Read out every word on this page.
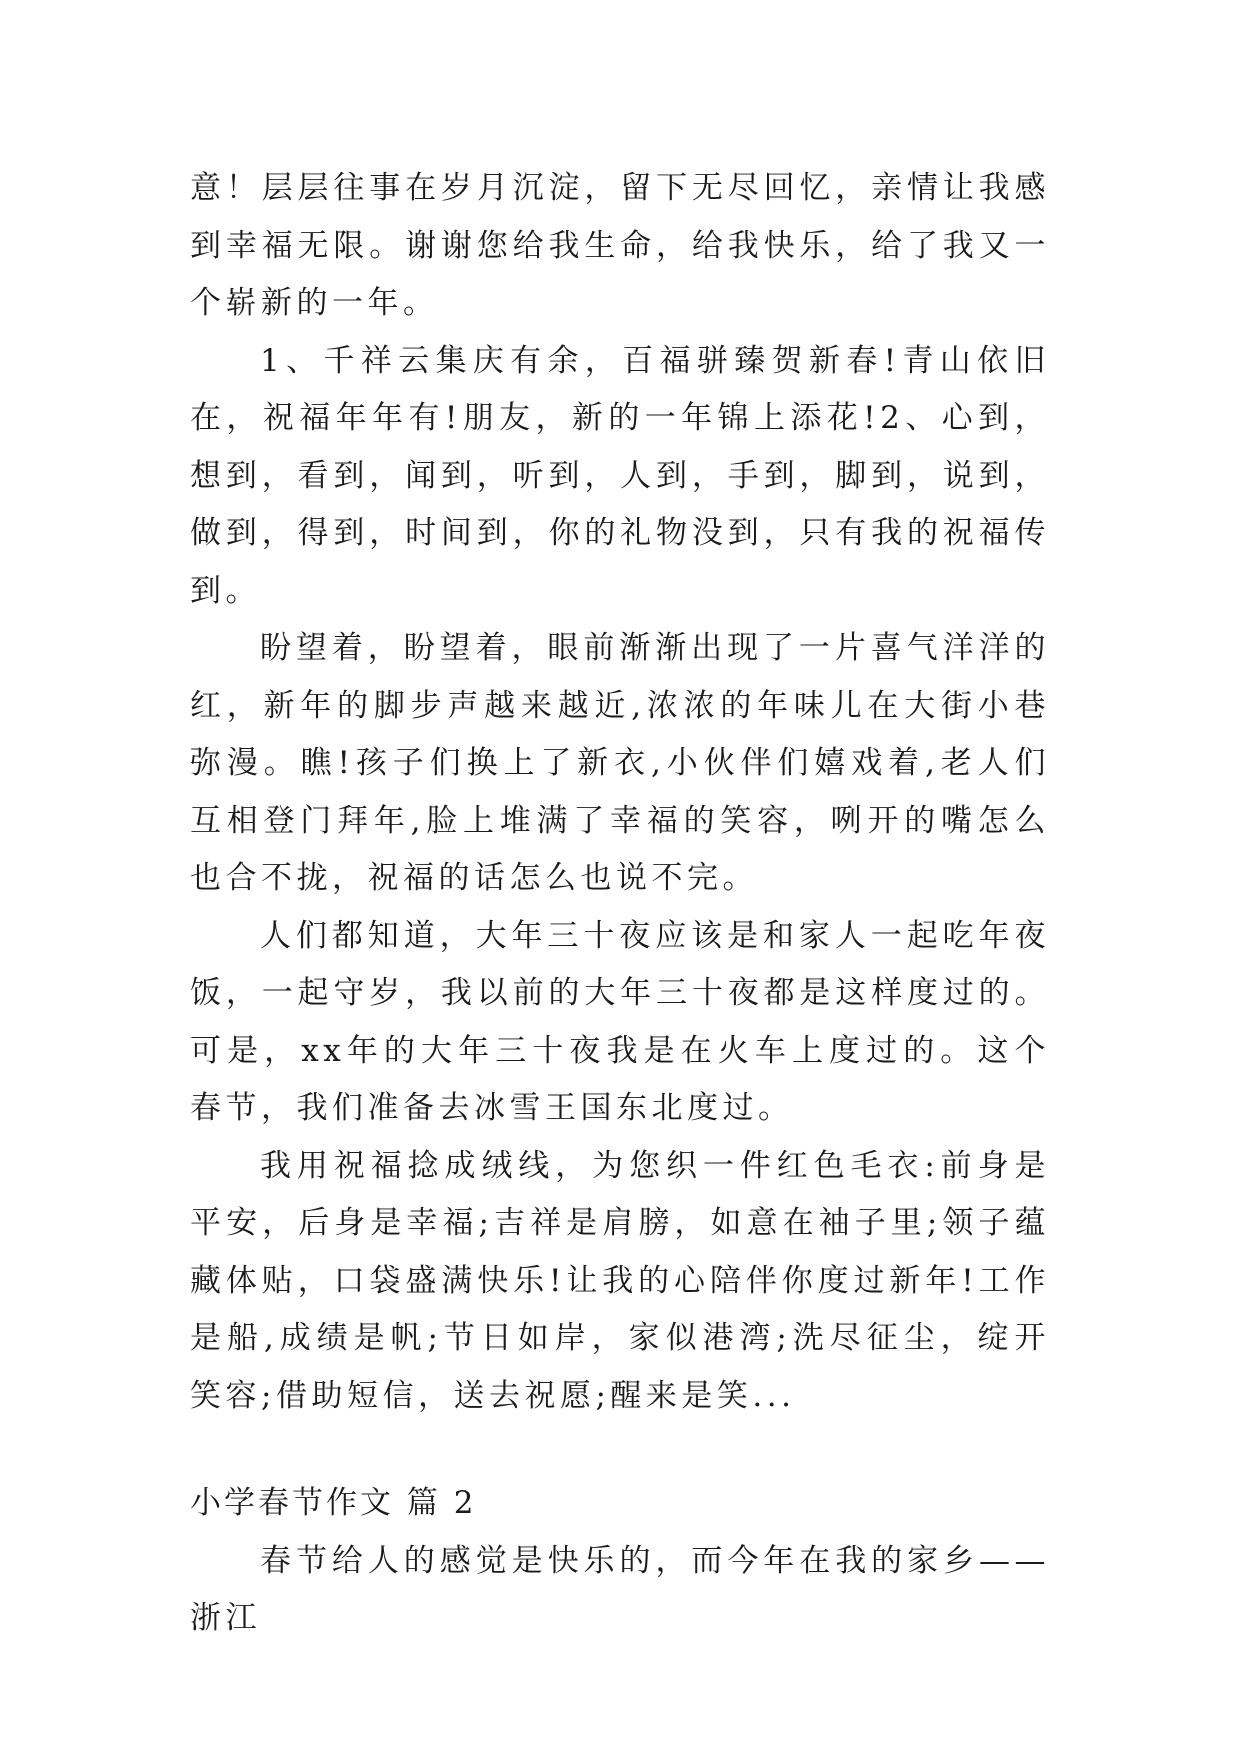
意！层层往事在岁月沉淀，留下无尽回忆，亲情让我感到幸福无限。谢谢您给我生命，给我快乐，给了我又一个崭新的一年。

1、千祥云集庆有余，百福骈臻贺新春!青山依旧在，祝福年年有!朋友，新的一年锦上添花!2、心到，想到，看到，闻到，听到，人到，手到，脚到，说到，做到，得到，时间到，你的礼物没到，只有我的祝福传到。

盼望着，盼望着，眼前渐渐出现了一片喜气洋洋的红，新年的脚步声越来越近,浓浓的年味儿在大街小巷弥漫。瞧!孩子们换上了新衣,小伙伴们嬉戏着,老人们互相登门拜年,脸上堆满了幸福的笑容，咧开的嘴怎么也合不拢，祝福的话怎么也说不完。

人们都知道，大年三十夜应该是和家人一起吃年夜饭，一起守岁，我以前的大年三十夜都是这样度过的。可是，xx年的大年三十夜我是在火车上度过的。这个春节，我们准备去冰雪王国东北度过。

我用祝福捻成绒线，为您织一件红色毛衣:前身是平安，后身是幸福;吉祥是肩膀，如意在袖子里;领子蕴藏体贴，口袋盛满快乐!让我的心陪伴你度过新年!工作是船,成绩是帆;节日如岸，家似港湾;洗尽征尘，绽开笑容;借助短信，送去祝愿;醒来是笑...

小学春节作文 篇 2

春节给人的感觉是快乐的，而今年在我的家乡——浙江
